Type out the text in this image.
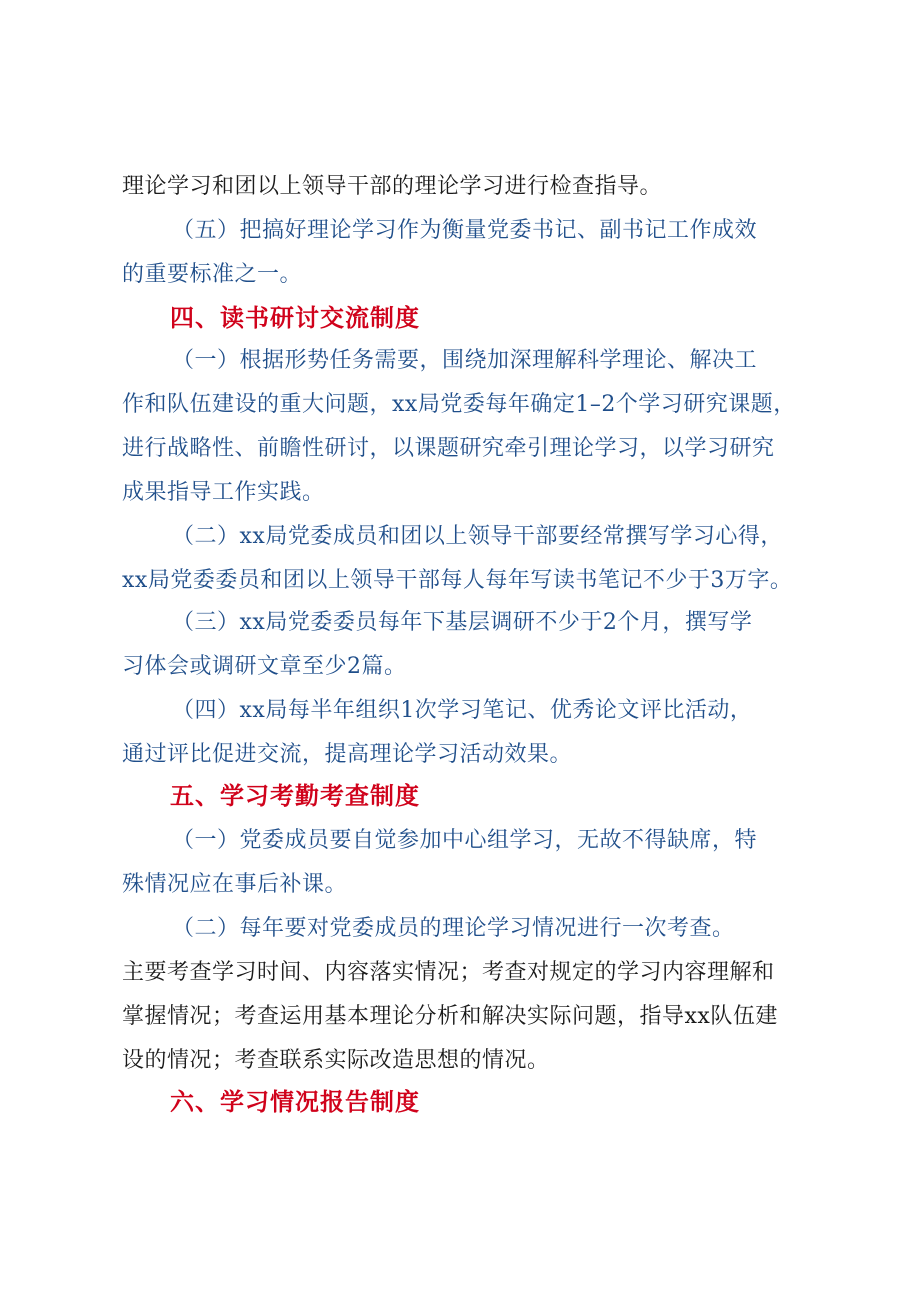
理论学习和团以上领导干部的理论学习进行检查指导。

（五）把搞好理论学习作为衡量党委书记、副书记工作成效

的重要标准之一。

四、读书研讨交流制度

（一）根据形势任务需要，围绕加深理解科学理论、解决工

作和队伍建设的重大问题，xx局党委每年确定1–2个学习研究课题，

进行战略性、前瞻性研讨，以课题研究牵引理论学习，以学习研究

成果指导工作实践。

（二）xx局党委成员和团以上领导干部要经常撰写学习心得，

xx局党委委员和团以上领导干部每人每年写读书笔记不少于3万字。

（三）xx局党委委员每年下基层调研不少于2个月，撰写学

习体会或调研文章至少2篇。

（四）xx局每半年组织1次学习笔记、优秀论文评比活动，

通过评比促进交流，提高理论学习活动效果。

五、学习考勤考查制度

（一）党委成员要自觉参加中心组学习，无故不得缺席，特

殊情况应在事后补课。

（二）每年要对党委成员的理论学习情况进行一次考查。

主要考查学习时间、内容落实情况；考查对规定的学习内容理解和

掌握情况；考查运用基本理论分析和解决实际问题，指导xx队伍建

设的情况；考查联系实际改造思想的情况。

六、学习情况报告制度
